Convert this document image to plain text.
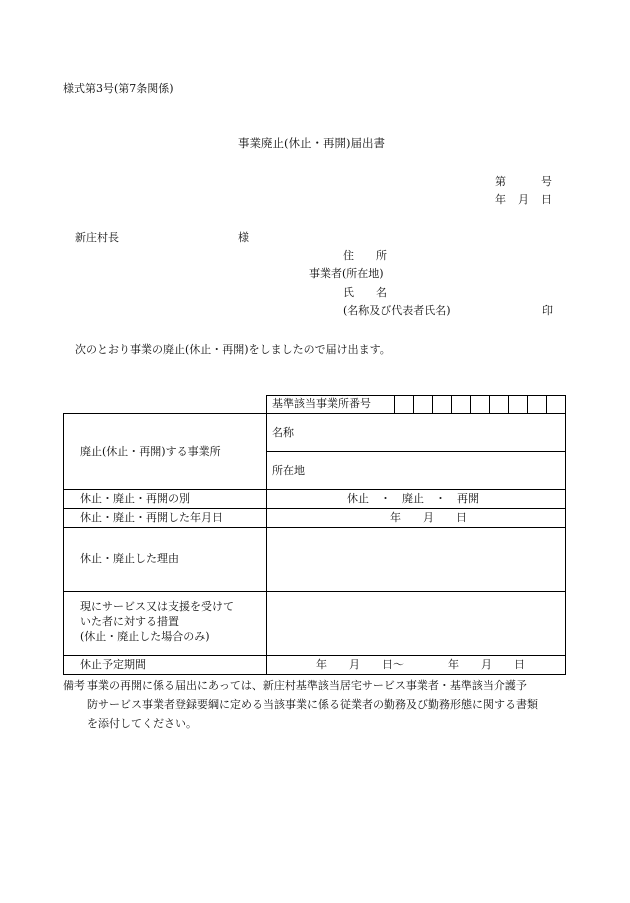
様式第3号(第7条関係)
事業廃止(休止・再開)届出書
第	号
年 月 日
新庄村長	様
住　　所
事業者(所在地)
氏　　名
(名称及び代表者氏名)	印
次のとおり事業の廃止(休止・再開)をしましたので届け出ます。
基準該当事業所番号
廃止(休止・再開)する事業所
名称
所在地
休止・廃止・再開の別	休止　・　廃止　・　再開
休止・廃止・再開した年月日	年　　月　　日
休止・廃止した理由
現にサービス又は支援を受けて
いた者に対する措置
(休止・廃止した場合のみ)
休止予定期間	年　　月　　日～　　　　年　　月　　日
備考 事業の再開に係る届出にあっては、新庄村基準該当居宅サービス事業者・基準該当介護予
防サービス事業者登録要綱に定める当該事業に係る従業者の勤務及び勤務形態に関する書類
を添付してください。
